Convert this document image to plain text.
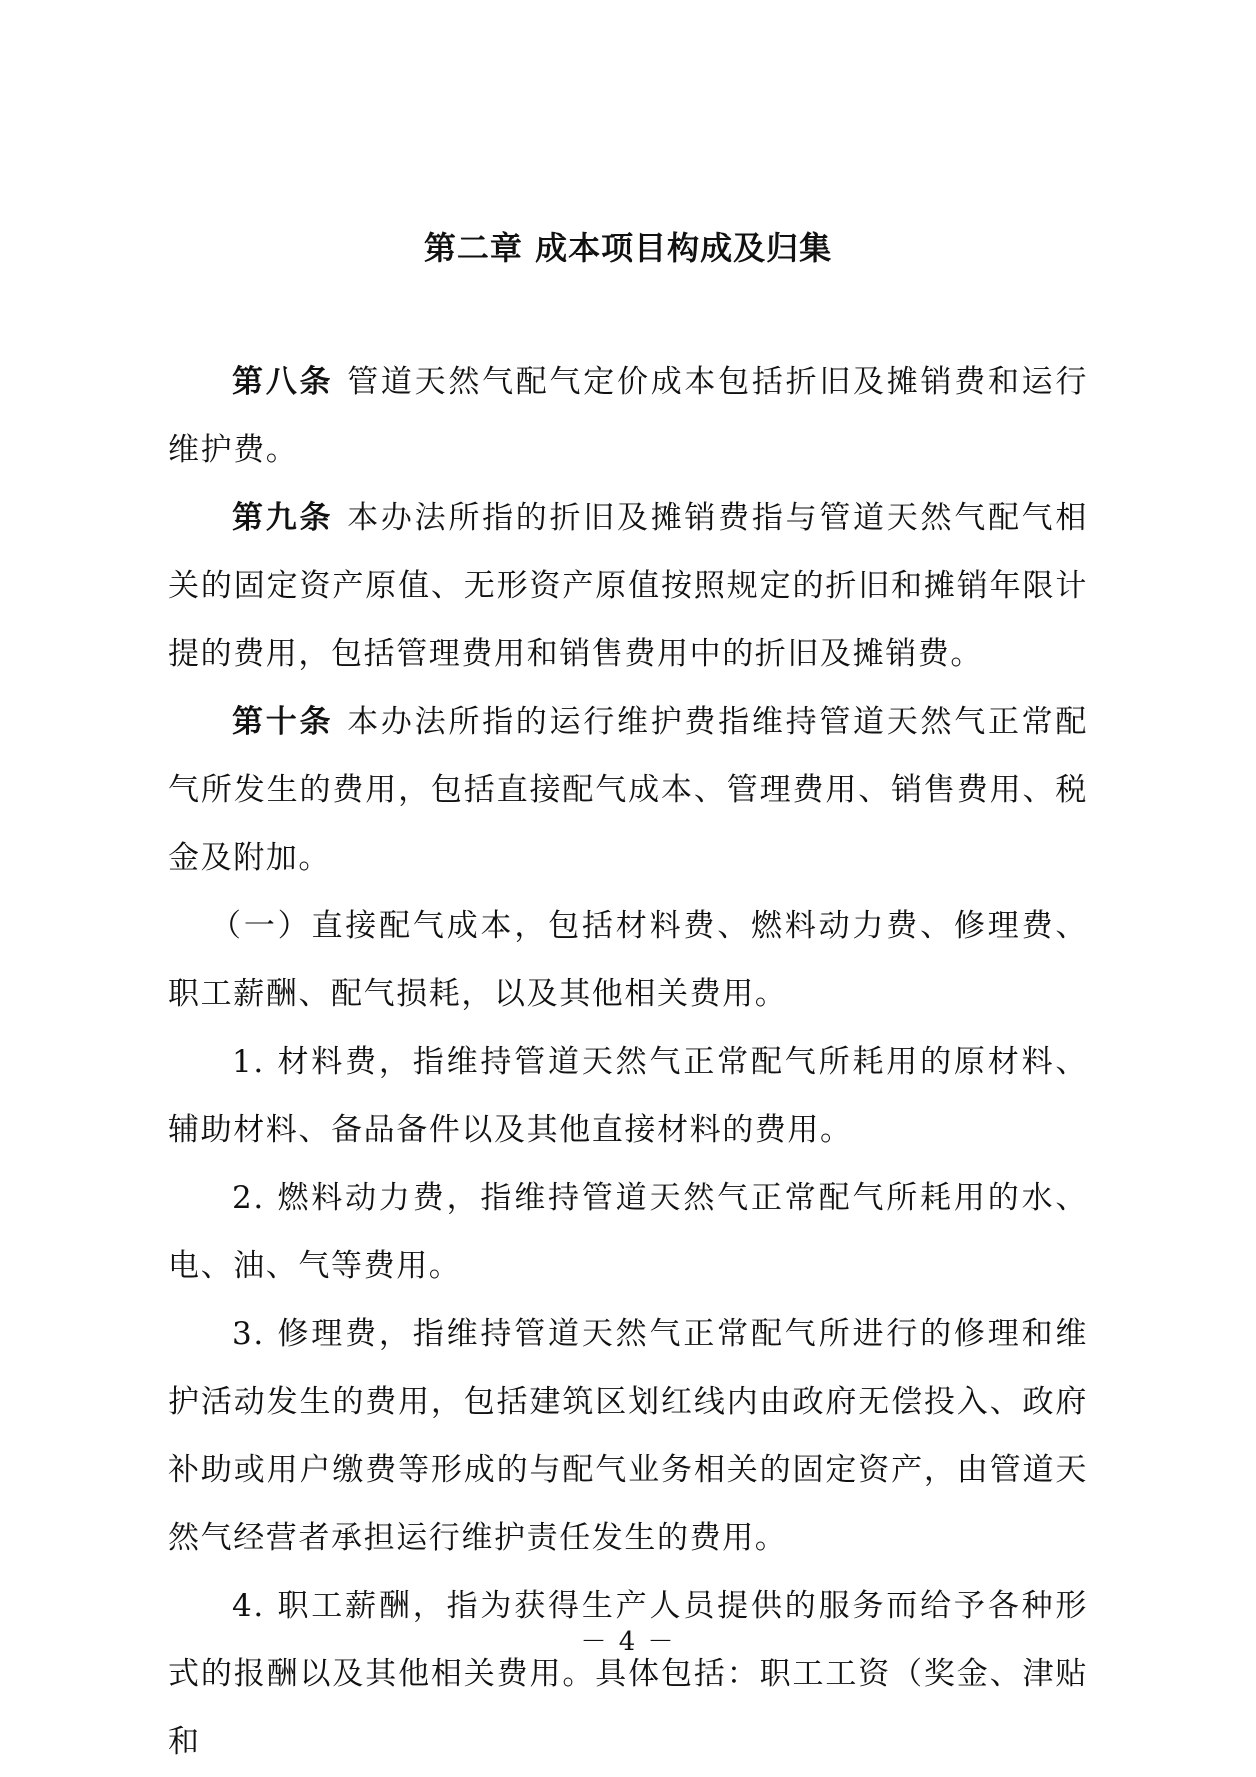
第二章 成本项目构成及归集

第八条 管道天然气配气定价成本包括折旧及摊销费和运行维护费。

第九条 本办法所指的折旧及摊销费指与管道天然气配气相关的固定资产原值、无形资产原值按照规定的折旧和摊销年限计提的费用，包括管理费用和销售费用中的折旧及摊销费。

第十条 本办法所指的运行维护费指维持管道天然气正常配气所发生的费用，包括直接配气成本、管理费用、销售费用、税金及附加。

（一）直接配气成本，包括材料费、燃料动力费、修理费、职工薪酬、配气损耗，以及其他相关费用。

1. 材料费，指维持管道天然气正常配气所耗用的原材料、辅助材料、备品备件以及其他直接材料的费用。

2. 燃料动力费，指维持管道天然气正常配气所耗用的水、电、油、气等费用。

3. 修理费，指维持管道天然气正常配气所进行的修理和维护活动发生的费用，包括建筑区划红线内由政府无偿投入、政府补助或用户缴费等形成的与配气业务相关的固定资产，由管道天然气经营者承担运行维护责任发生的费用。

4. 职工薪酬，指为获得生产人员提供的服务而给予各种形式的报酬以及其他相关费用。具体包括：职工工资（奖金、津贴和

－ 4 －
